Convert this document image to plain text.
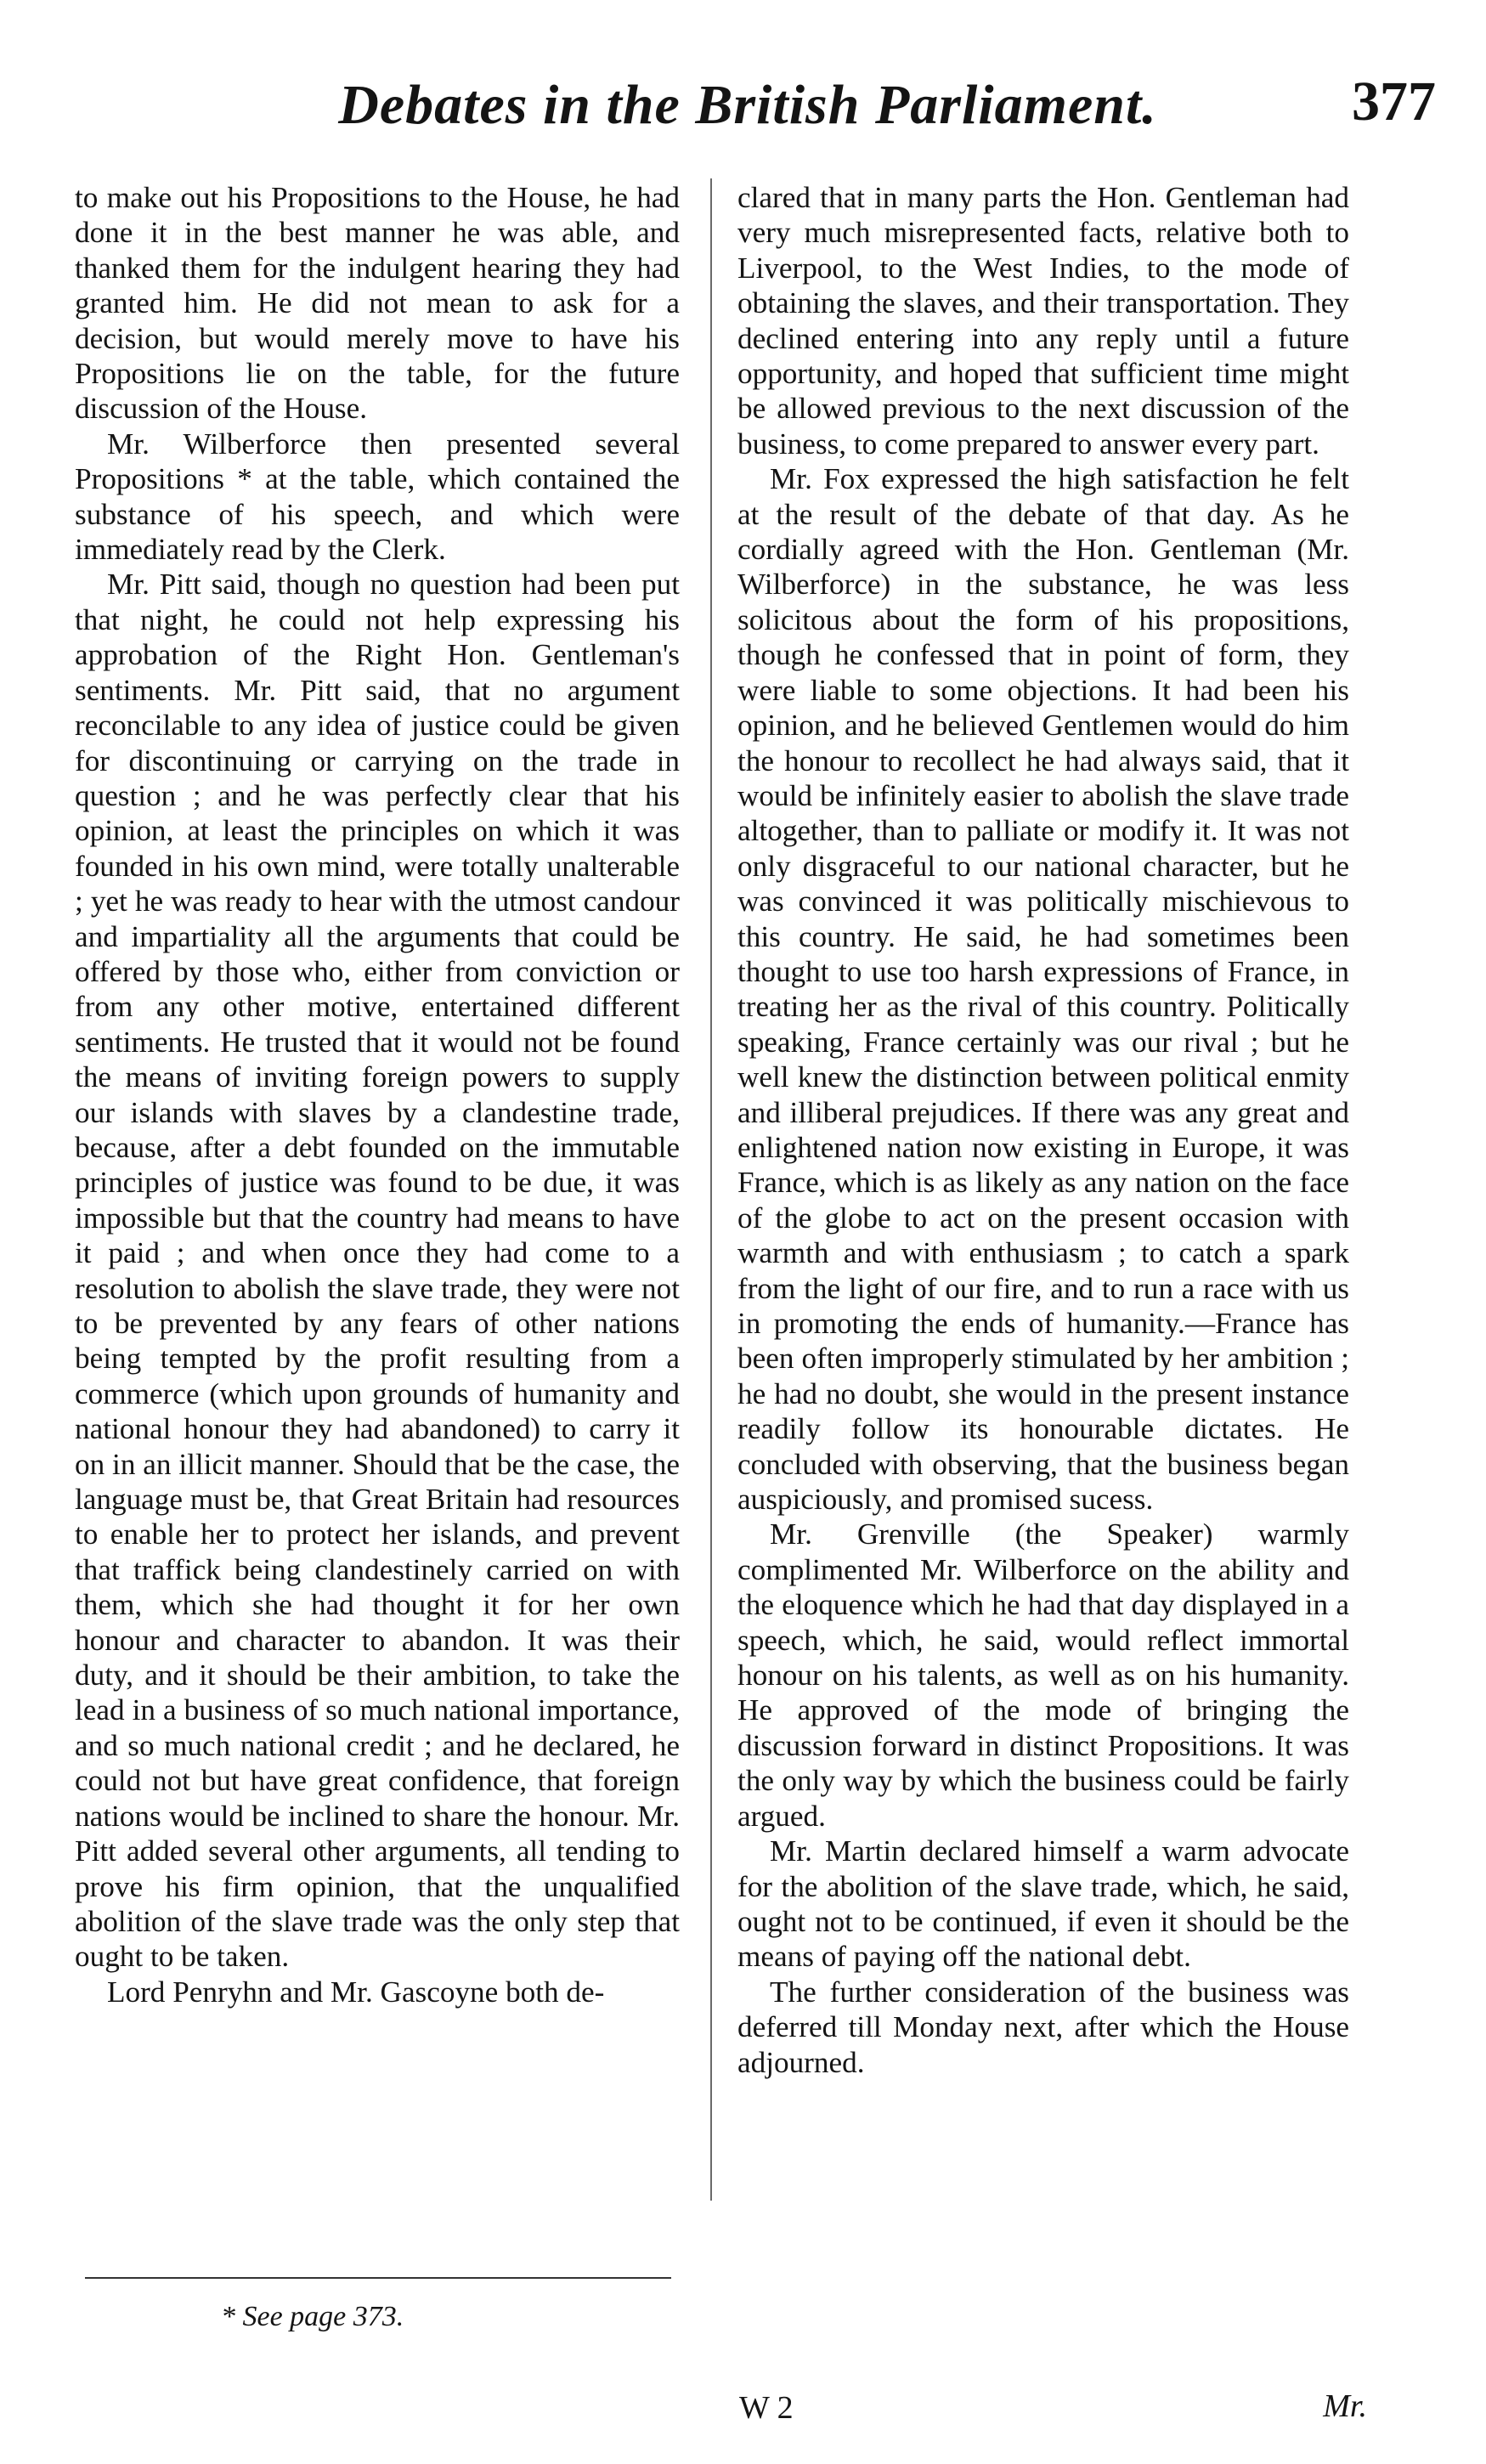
Debates in the British Parliament.	377

to make out his Propositions to the House, he had done it in the best manner he was able, and thanked them for the indulgent hearing they had granted him. He did not mean to ask for a decision, but would merely move to have his Propositions lie on the table, for the future discussion of the House.

Mr. Wilberforce then presented several Propositions * at the table, which contained the substance of his speech, and which were immediately read by the Clerk.

Mr. Pitt said, though no question had been put that night, he could not help expressing his approbation of the Right Hon. Gentleman's sentiments. Mr. Pitt said, that no argument reconcilable to any idea of justice could be given for discontinuing or carrying on the trade in question ; and he was perfectly clear that his opinion, at least the principles on which it was founded in his own mind, were totally unalterable ; yet he was ready to hear with the utmost candour and impartiality all the arguments that could be offered by those who, either from conviction or from any other motive, entertained different sentiments. He trusted that it would not be found the means of inviting foreign powers to supply our islands with slaves by a clandestine trade, because, after a debt founded on the immutable principles of justice was found to be due, it was impossible but that the country had means to have it paid ; and when once they had come to a resolution to abolish the slave trade, they were not to be prevented by any fears of other nations being tempted by the profit resulting from a commerce (which upon grounds of humanity and national honour they had abandoned) to carry it on in an illicit manner. Should that be the case, the language must be, that Great Britain had resources to enable her to protect her islands, and prevent that traffick being clandestinely carried on with them, which she had thought it for her own honour and character to abandon. It was their duty, and it should be their ambition, to take the lead in a business of so much national importance, and so much national credit ; and he declared, he could not but have great confidence, that foreign nations would be inclined to share the honour. Mr. Pitt added several other arguments, all tending to prove his firm opinion, that the unqualified abolition of the slave trade was the only step that ought to be taken.

Lord Penryhn and Mr. Gascoyne both de-

clared that in many parts the Hon. Gentleman had very much misrepresented facts, relative both to Liverpool, to the West Indies, to the mode of obtaining the slaves, and their transportation. They declined entering into any reply until a future opportunity, and hoped that sufficient time might be allowed previous to the next discussion of the business, to come prepared to answer every part.

Mr. Fox expressed the high satisfaction he felt at the result of the debate of that day. As he cordially agreed with the Hon. Gentleman (Mr. Wilberforce) in the substance, he was less solicitous about the form of his propositions, though he confessed that in point of form, they were liable to some objections. It had been his opinion, and he believed Gentlemen would do him the honour to recollect he had always said, that it would be infinitely easier to abolish the slave trade altogether, than to palliate or modify it. It was not only disgraceful to our national character, but he was convinced it was politically mischievous to this country. He said, he had sometimes been thought to use too harsh expressions of France, in treating her as the rival of this country. Politically speaking, France certainly was our rival ; but he well knew the distinction between political enmity and illiberal prejudices. If there was any great and enlightened nation now existing in Europe, it was France, which is as likely as any nation on the face of the globe to act on the present occasion with warmth and with enthusiasm ; to catch a spark from the light of our fire, and to run a race with us in promoting the ends of humanity.—France has been often improperly stimulated by her ambition ; he had no doubt, she would in the present instance readily follow its honourable dictates. He concluded with observing, that the business began auspiciously, and promised sucess.

Mr. Grenville (the Speaker) warmly complimented Mr. Wilberforce on the ability and the eloquence which he had that day displayed in a speech, which, he said, would reflect immortal honour on his talents, as well as on his humanity. He approved of the mode of bringing the discussion forward in distinct Propositions. It was the only way by which the business could be fairly argued.

Mr. Martin declared himself a warm advocate for the abolition of the slave trade, which, he said, ought not to be continued, if even it should be the means of paying off the national debt.

The further consideration of the business was deferred till Monday next, after which the House adjourned.

* See page 373.
W 2	Mr.
